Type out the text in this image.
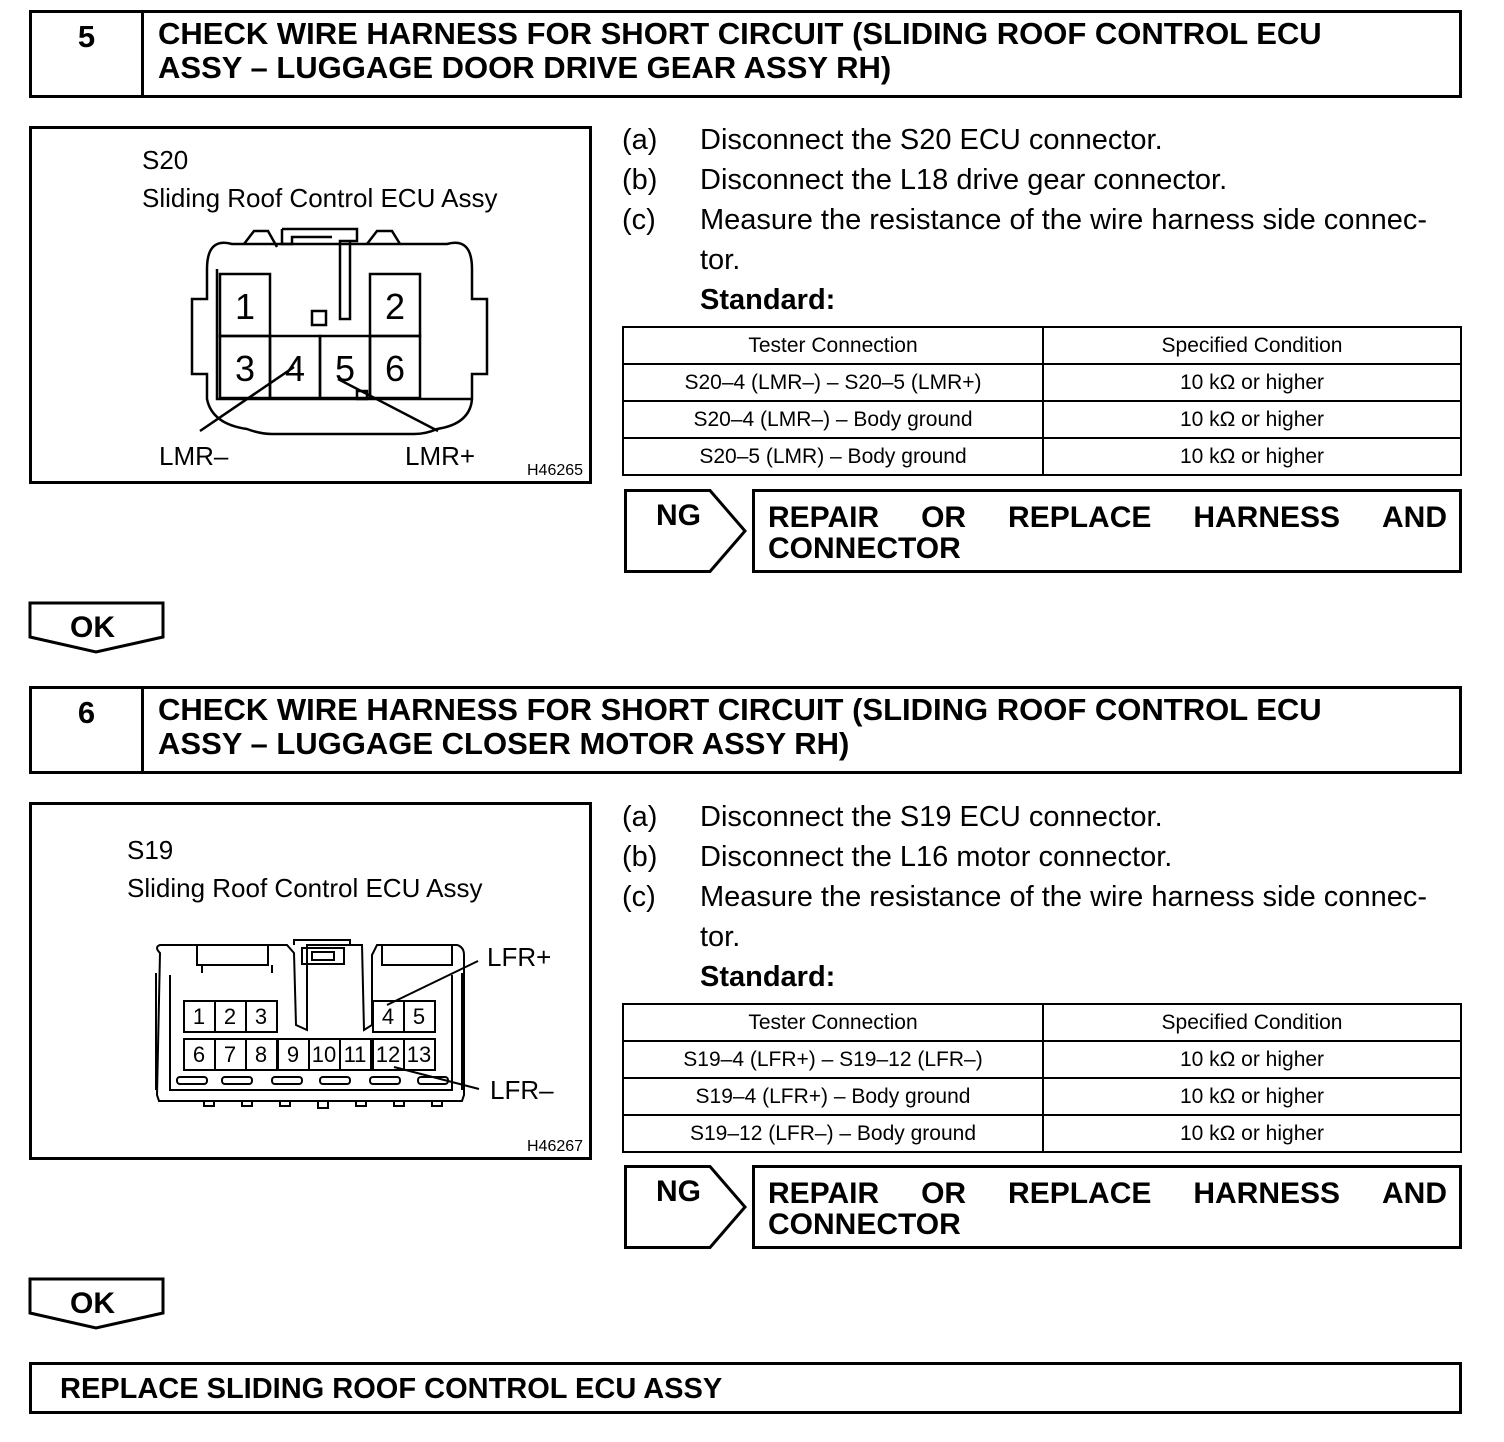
5	CHECK WIRE HARNESS FOR SHORT CIRCUIT (SLIDING ROOF CONTROL ECU
ASSY – LUGGAGE DOOR DRIVE GEAR ASSY RH)
S20
Sliding Roof Control ECU Assy
1	2
3 4 5 6
LMR–	LMR+	H46265
(a) Disconnect the S20 ECU connector.
(b) Disconnect the L18 drive gear connector.
(c) Measure the resistance of the wire harness side connec-
tor.
Standard:
Tester Connection	Specified Condition
S20–4 (LMR–) – S20–5 (LMR+)	10 kΩ or higher
S20–4 (LMR–) – Body ground	10 kΩ or higher
S20–5 (LMR) – Body ground	10 kΩ or higher
NG REPAIR OR REPLACE HARNESS AND
CONNECTOR
OK
6	CHECK WIRE HARNESS FOR SHORT CIRCUIT (SLIDING ROOF CONTROL ECU
ASSY – LUGGAGE CLOSER MOTOR ASSY RH)
S19
Sliding Roof Control ECU Assy
1 2 3	4 5
6 7 8 9 10 11 12 13
LFR+
LFR–
H46267
(a) Disconnect the S19 ECU connector.
(b) Disconnect the L16 motor connector.
(c) Measure the resistance of the wire harness side connec-
tor.
Standard:
Tester Connection	Specified Condition
S19–4 (LFR+) – S19–12 (LFR–)	10 kΩ or higher
S19–4 (LFR+) – Body ground	10 kΩ or higher
S19–12 (LFR–) – Body ground	10 kΩ or higher
NG REPAIR OR REPLACE HARNESS AND
CONNECTOR
OK
REPLACE SLIDING ROOF CONTROL ECU ASSY
